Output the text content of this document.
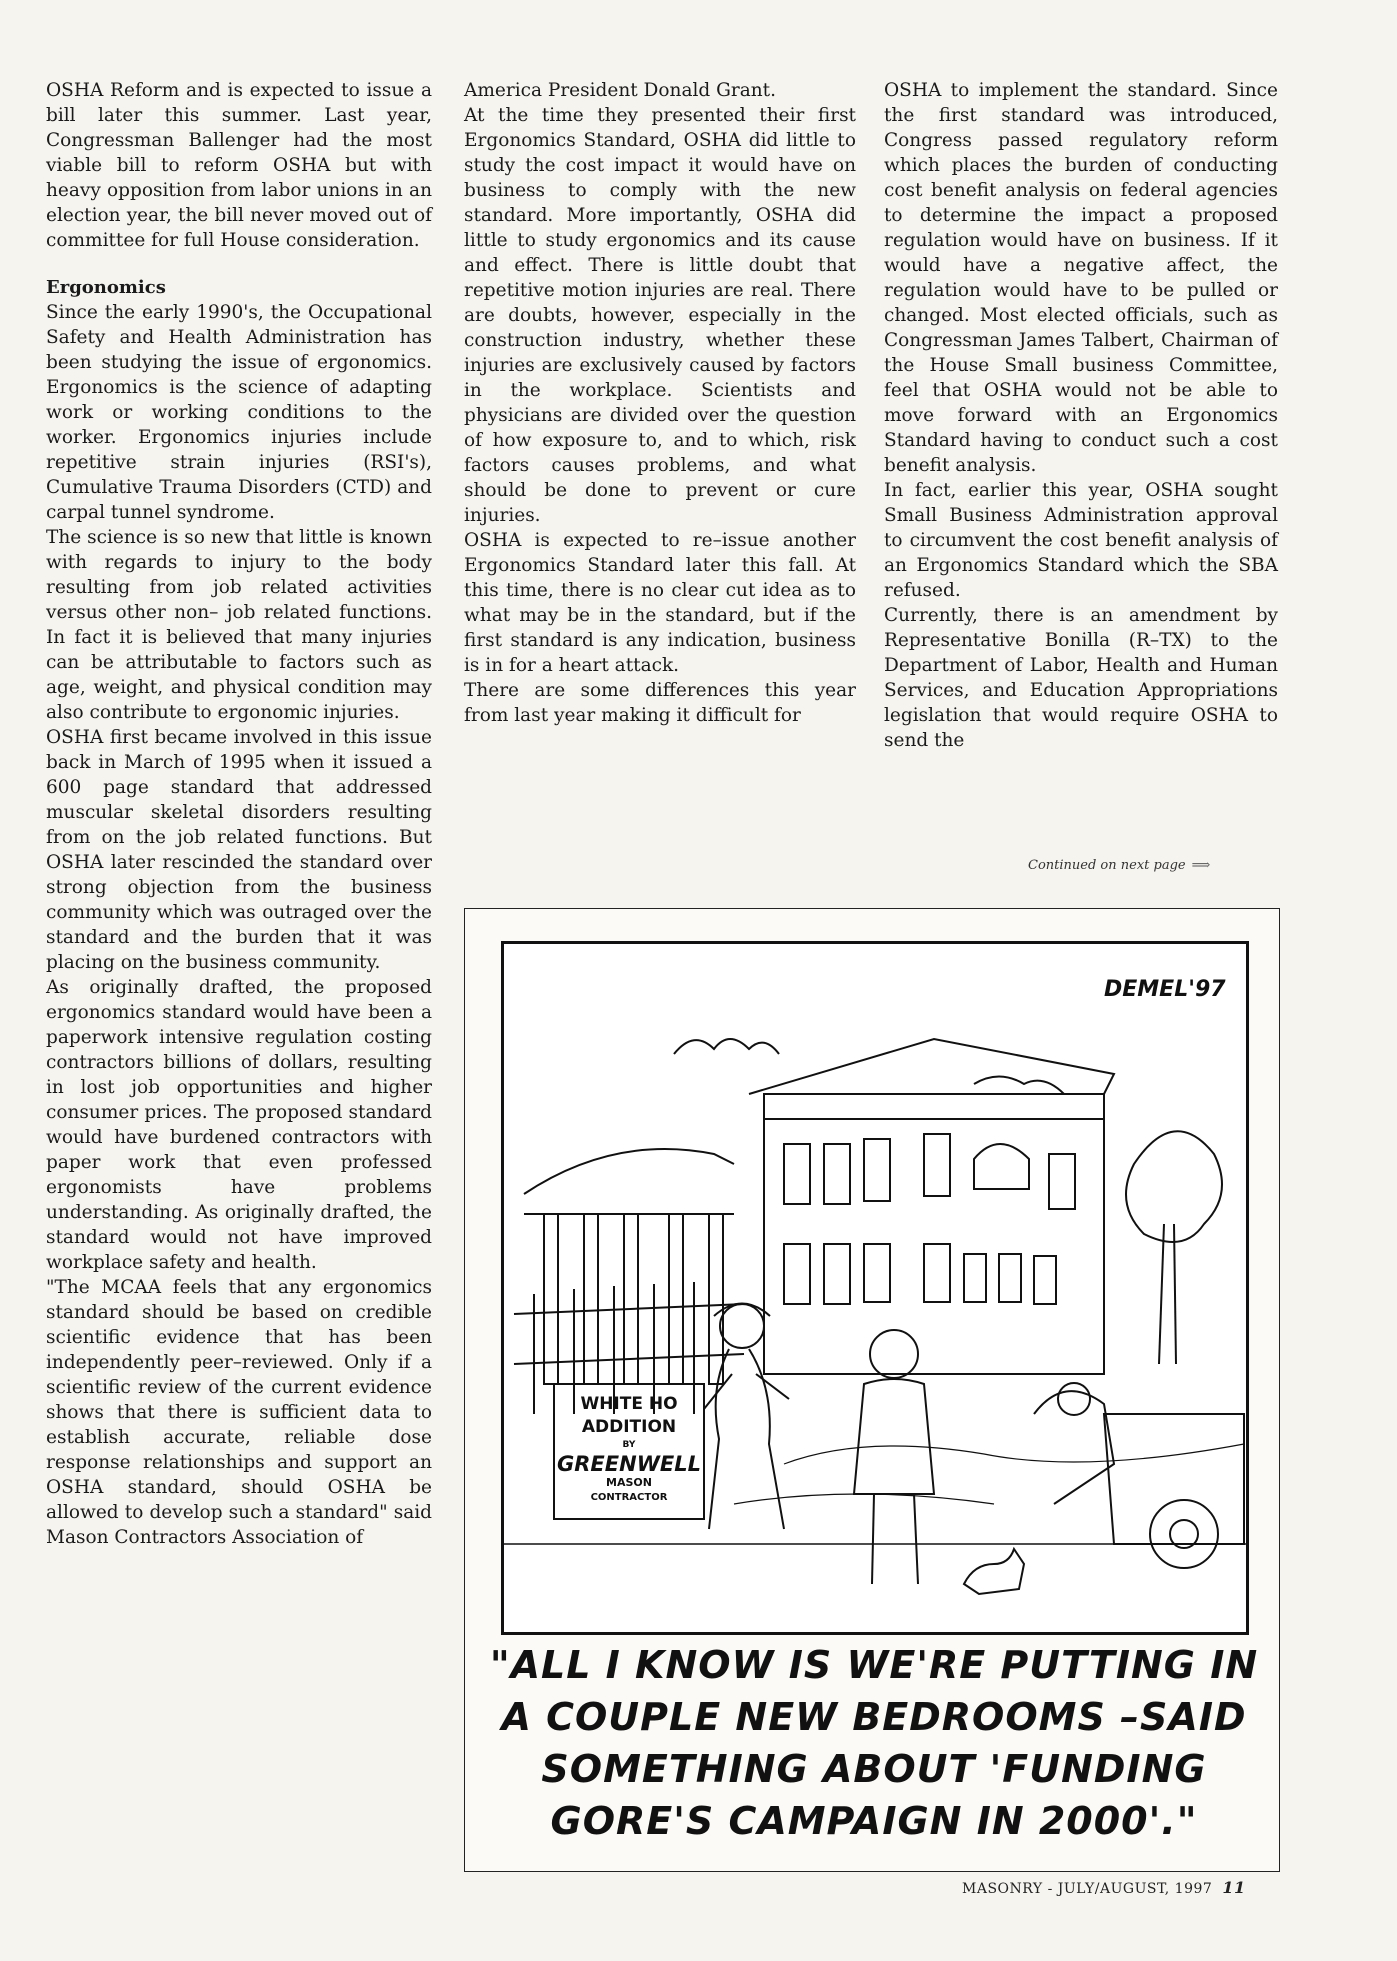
OSHA Reform and is expected to issue a bill later this summer. Last year, Congressman Ballenger had the most viable bill to reform OSHA but with heavy opposition from labor unions in an election year, the bill never moved out of committee for full House consideration.

Ergonomics

Since the early 1990's, the Occupational Safety and Health Administration has been studying the issue of ergonomics. Ergonomics is the science of adapting work or working conditions to the worker. Ergonomics injuries include repetitive strain injuries (RSI's), Cumulative Trauma Disorders (CTD) and carpal tunnel syndrome.

The science is so new that little is known with regards to injury to the body resulting from job related activities versus other non– job related functions. In fact it is believed that many injuries can be attributable to factors such as age, weight, and physical condition may also contribute to ergonomic injuries.

OSHA first became involved in this issue back in March of 1995 when it issued a 600 page standard that addressed muscular skeletal disorders resulting from on the job related functions. But OSHA later rescinded the standard over strong objection from the business community which was outraged over the standard and the burden that it was placing on the business community.

As originally drafted, the proposed ergonomics standard would have been a paperwork intensive regulation costing contractors billions of dollars, resulting in lost job opportunities and higher consumer prices. The proposed standard would have burdened contractors with paper work that even professed ergonomists have problems understanding. As originally drafted, the standard would not have improved workplace safety and health.

"The MCAA feels that any ergonomics standard should be based on credible scientific evidence that has been independently peer–reviewed. Only if a scientific review of the current evidence shows that there is sufficient data to establish accurate, reliable dose response relationships and support an OSHA standard, should OSHA be allowed to develop such a standard" said Mason Contractors Association of

America President Donald Grant.

At the time they presented their first Ergonomics Standard, OSHA did little to study the cost impact it would have on business to comply with the new standard. More importantly, OSHA did little to study ergonomics and its cause and effect. There is little doubt that repetitive motion injuries are real. There are doubts, however, especially in the construction industry, whether these injuries are exclusively caused by factors in the workplace. Scientists and physicians are divided over the question of how exposure to, and to which, risk factors causes problems, and what should be done to prevent or cure injuries.

OSHA is expected to re–issue another Ergonomics Standard later this fall. At this time, there is no clear cut idea as to what may be in the standard, but if the first standard is any indication, business is in for a heart attack.

There are some differences this year from last year making it difficult for

OSHA to implement the standard. Since the first standard was introduced, Congress passed regulatory reform which places the burden of conducting cost benefit analysis on federal agencies to determine the impact a proposed regulation would have on business. If it would have a negative affect, the regulation would have to be pulled or changed. Most elected officials, such as Congressman James Talbert, Chairman of the House Small business Committee, feel that OSHA would not be able to move forward with an Ergonomics Standard having to conduct such a cost benefit analysis.

In fact, earlier this year, OSHA sought Small Business Administration approval to circumvent the cost benefit analysis of an Ergonomics Standard which the SBA refused.

Currently, there is an amendment by Representative Bonilla (R–TX) to the Department of Labor, Health and Human Services, and Education Appropriations legislation that would require OSHA to send the

Continued on next page ⟹
DEMEL'97
WHITE HO
ADDITION
BY
GREENWELL
MASON
CONTRACTOR
"ALL I KNOW IS WE'RE PUTTING IN
A COUPLE NEW BEDROOMS –SAID
SOMETHING ABOUT 'FUNDING
GORE'S CAMPAIGN IN 2000'."
MASONRY - JULY/AUGUST, 1997 11
